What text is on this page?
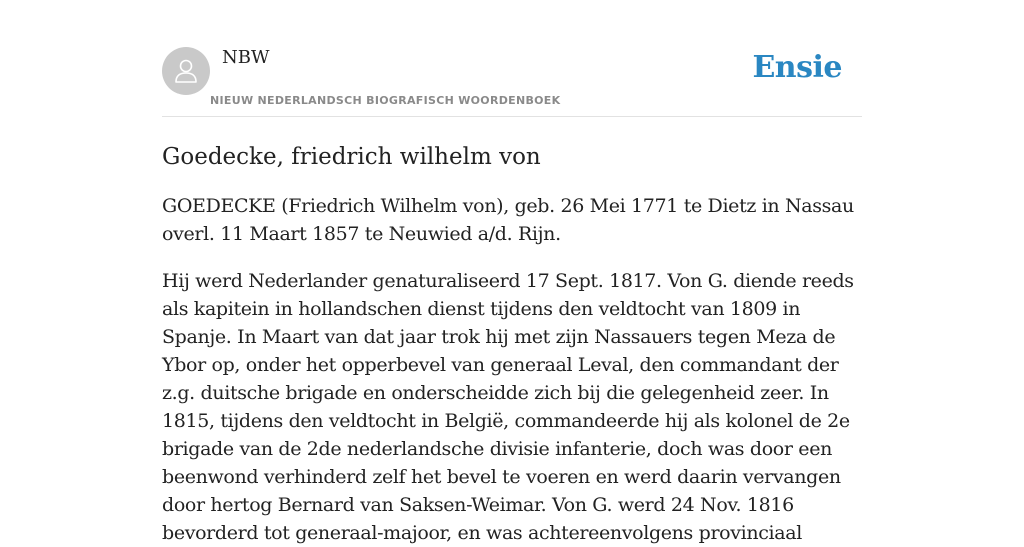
NBW
NIEUW NEDERLANDSCH BIOGRAFISCH WOORDENBOEK
Ensie
Goedecke, friedrich wilhelm von

GOEDECKE (Friedrich Wilhelm von), geb. 26 Mei 1771 te Dietz in Nassau overl. 11 Maart 1857 te Neuwied a/d. Rijn.

Hij werd Nederlander genaturaliseerd 17 Sept. 1817. Von G. diende reeds als kapitein in hollandschen dienst tijdens den veldtocht van 1809 in Spanje. In Maart van dat jaar trok hij met zijn Nassauers tegen Meza de Ybor op, onder het opperbevel van generaal Leval, den commandant der z.g. duitsche brigade en onderscheidde zich bij die gelegenheid zeer. In 1815, tijdens den veldtocht in België, commandeerde hij als kolonel de 2e brigade van de 2de nederlandsche divisie infanterie, doch was door een beenwond verhinderd zelf het bevel te voeren en werd daarin vervangen door hertog Bernard van Saksen-Weimar. Von G. werd 24 Nov. 1816 bevorderd tot generaal-majoor, en was achtereenvolgens provinciaal
